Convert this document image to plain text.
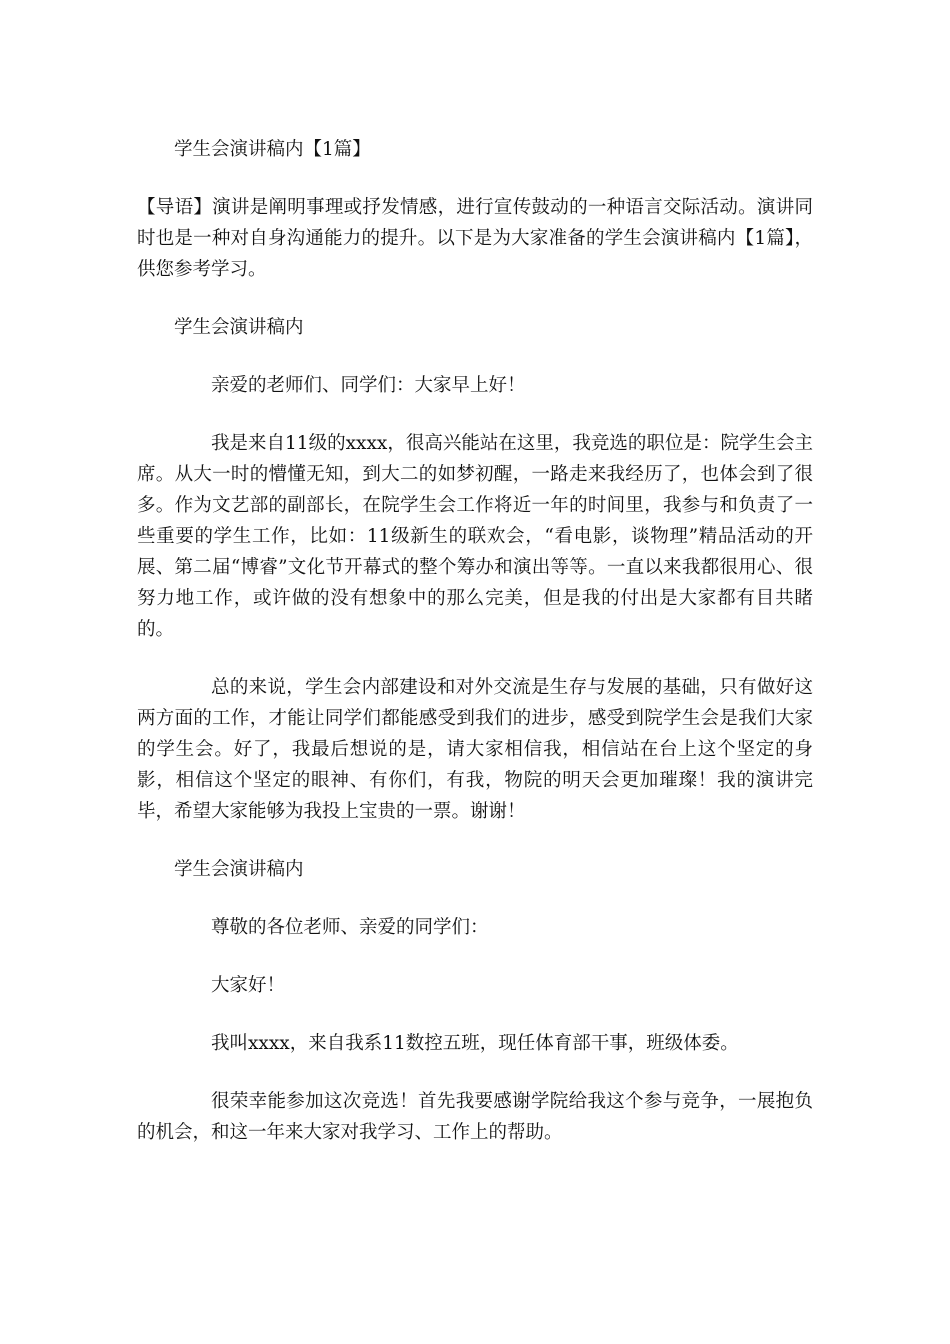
学生会演讲稿内【1篇】

【导语】演讲是阐明事理或抒发情感，进行宣传鼓动的一种语言交际活动。演讲同时也是一种对自身沟通能力的提升。以下是为大家准备的学生会演讲稿内【1篇】，供您参考学习。

学生会演讲稿内

亲爱的老师们、同学们：大家早上好！

我是来自11级的xxxx，很高兴能站在这里，我竞选的职位是：院学生会主席。从大一时的懵懂无知，到大二的如梦初醒，一路走来我经历了，也体会到了很多。作为文艺部的副部长，在院学生会工作将近一年的时间里，我参与和负责了一些重要的学生工作，比如：11级新生的联欢会，“看电影，谈物理”精品活动的开展、第二届“博睿”文化节开幕式的整个筹办和演出等等。一直以来我都很用心、很努力地工作，或许做的没有想象中的那么完美，但是我的付出是大家都有目共睹的。

总的来说，学生会内部建设和对外交流是生存与发展的基础，只有做好这两方面的工作，才能让同学们都能感受到我们的进步，感受到院学生会是我们大家的学生会。好了，我最后想说的是，请大家相信我，相信站在台上这个坚定的身影，相信这个坚定的眼神、有你们，有我，物院的明天会更加璀璨！我的演讲完毕，希望大家能够为我投上宝贵的一票。谢谢！

学生会演讲稿内

尊敬的各位老师、亲爱的同学们：

大家好！

我叫xxxx，来自我系11数控五班，现任体育部干事，班级体委。

很荣幸能参加这次竞选！首先我要感谢学院给我这个参与竞争，一展抱负的机会，和这一年来大家对我学习、工作上的帮助。
